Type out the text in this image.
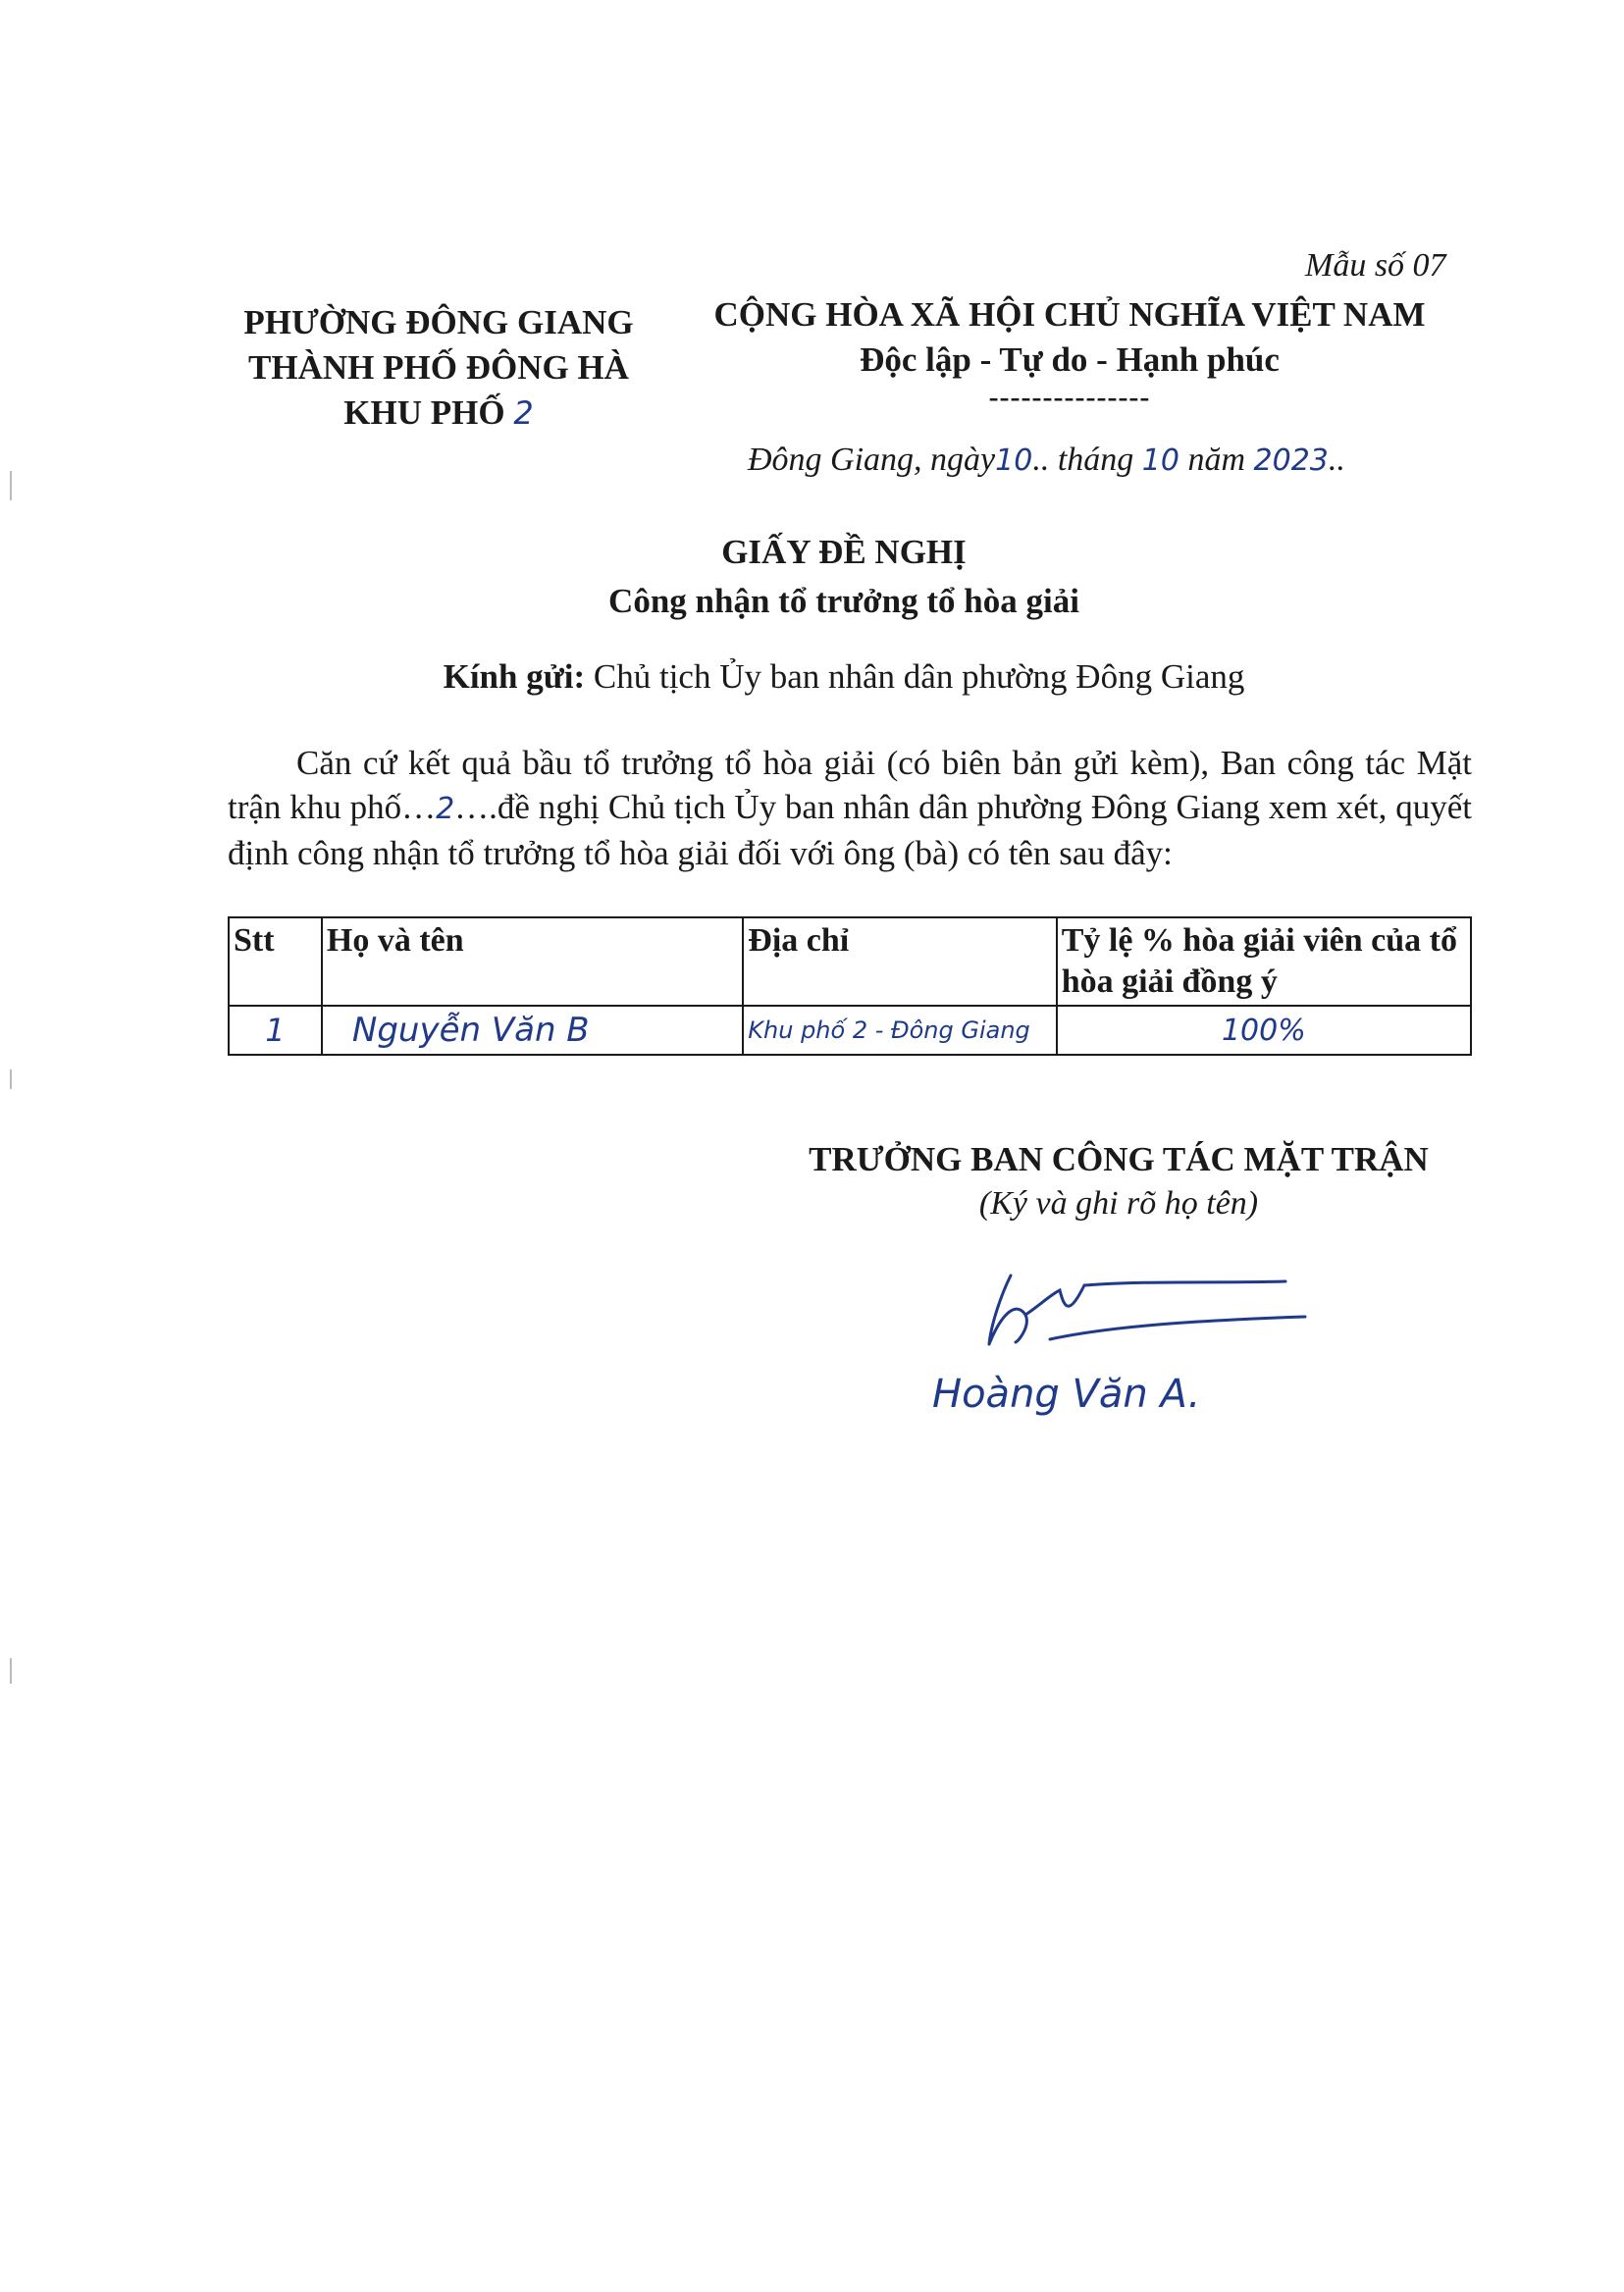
Mẫu số 07
PHƯỜNG ĐÔNG GIANG
THÀNH PHỐ ĐÔNG HÀ
KHU PHỐ 2
CỘNG HÒA XÃ HỘI CHỦ NGHĨA VIỆT NAM
Độc lập - Tự do - Hạnh phúc
---------------
Đông Giang, ngày10.. tháng 10 năm 2023..
GIẤY ĐỀ NGHỊ
Công nhận tổ trưởng tổ hòa giải
Kính gửi: Chủ tịch Ủy ban nhân dân phường Đông Giang
Căn cứ kết quả bầu tổ trưởng tổ hòa giải (có biên bản gửi kèm), Ban công tác Mặt trận khu phố…2….đề nghị Chủ tịch Ủy ban nhân dân phường Đông Giang xem xét, quyết định công nhận tổ trưởng tổ hòa giải đối với ông (bà) có tên sau đây:
Stt	Họ và tên	Địa chỉ	Tỷ lệ % hòa giải viên của tổ hòa giải đồng ý
1	Nguyễn Văn B	Khu phố 2 - Đông Giang	100%
TRƯỞNG BAN CÔNG TÁC MẶT TRẬN
(Ký và ghi rõ họ tên)
Hoàng Văn A.
